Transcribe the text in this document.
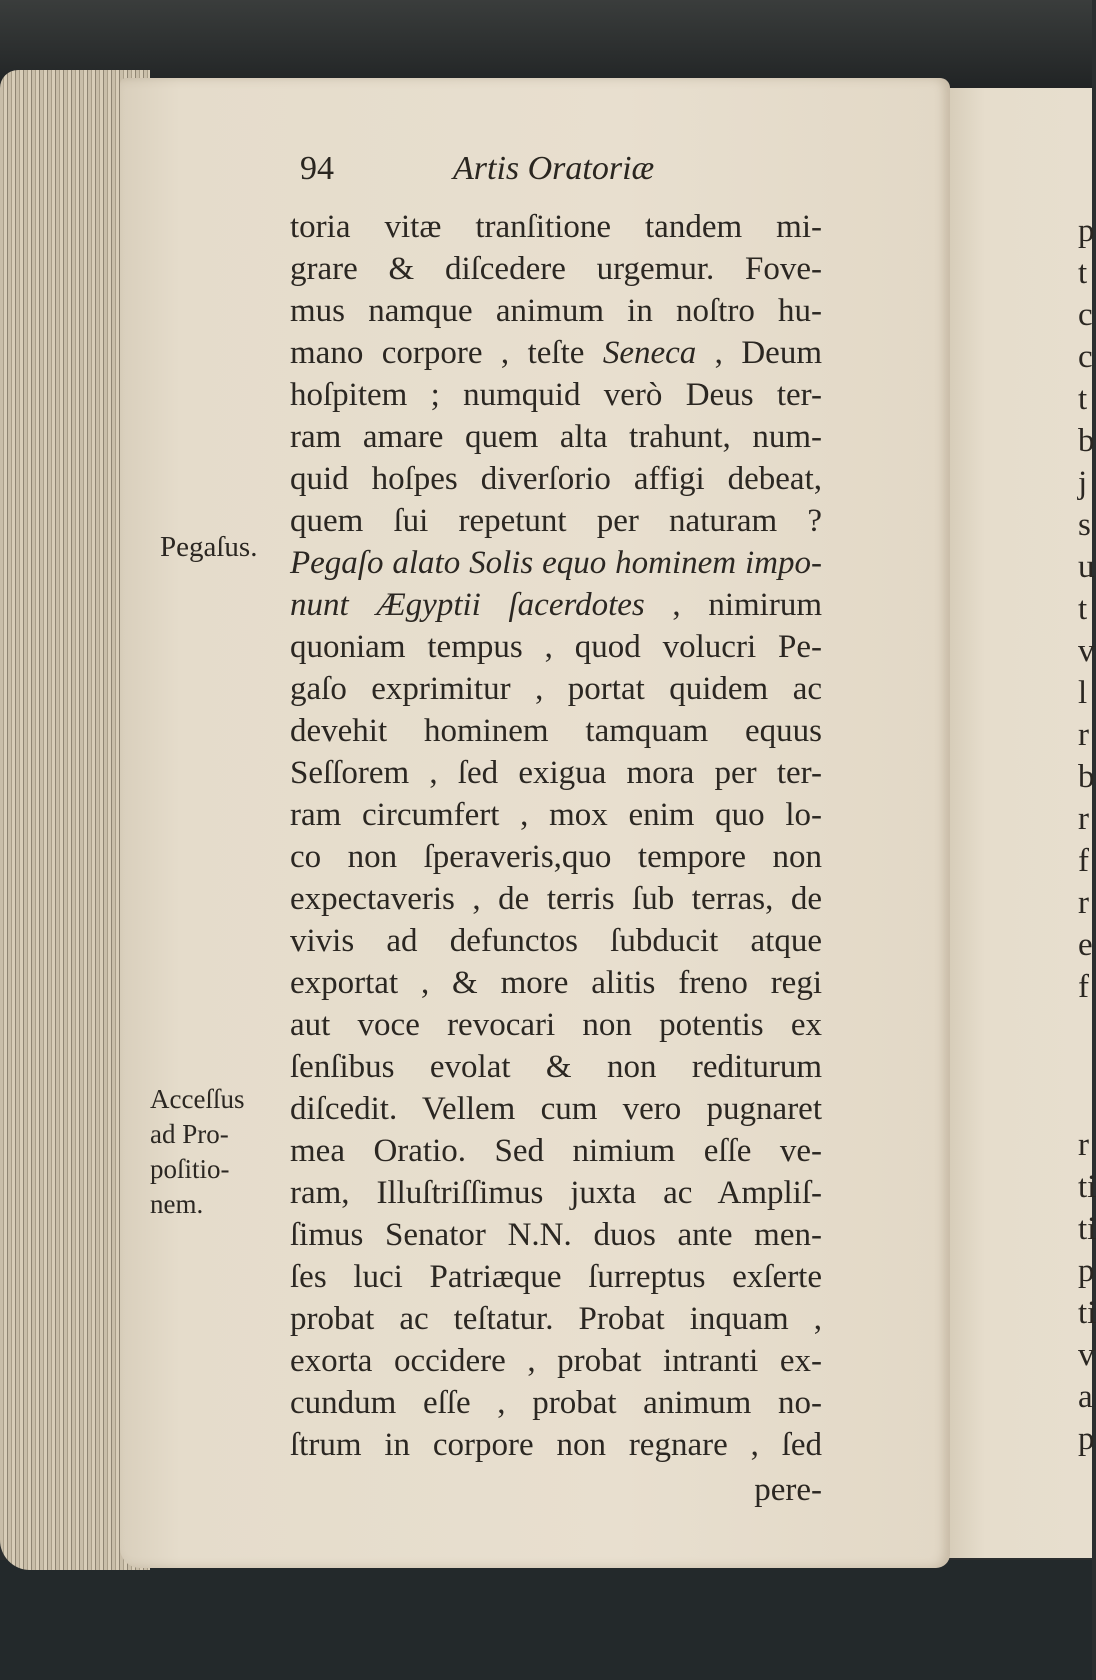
94	Artis Oratoriæ
toria vitæ tranſitione tandem mi-
grare & diſcedere urgemur. Fove-
mus namque animum in noſtro hu-
mano corpore , teſte Seneca , Deum
hoſpitem ; numquid verò Deus ter-
ram amare quem alta trahunt, num-
quid hoſpes diverſorio affigi debeat,
quem ſui repetunt per naturam ?
Pegaſo alato Solis equo hominem impo-
nunt Ægyptii ſacerdotes , nimirum
quoniam tempus , quod volucri Pe-
gaſo exprimitur , portat quidem ac
devehit hominem tamquam equus
Seſſorem , ſed exigua mora per ter-
ram circumfert , mox enim quo lo-
co non ſperaveris,quo tempore non
expectaveris , de terris ſub terras, de
vivis ad defunctos ſubducit atque
exportat , & more alitis freno regi
aut voce revocari non potentis ex
ſenſibus evolat & non rediturum
diſcedit. Vellem cum vero pugnaret
mea Oratio. Sed nimium eſſe ve-
ram, Illuſtriſſimus juxta ac Ampliſ-
ſimus Senator N.N. duos ante men-
ſes luci Patriæque ſurreptus exſerte
probat ac teſtatur. Probat inquam ,
exorta occidere , probat intranti ex-
cundum eſſe , probat animum no-
ſtrum in corpore non regnare , ſed
pere-
Pegaſus.
Acceſſus
ad Pro-
poſitio-
nem.
p
t
c
c
t
b
j
s
u
t
v
l
r
b
r
f
r
e
f
r
ti
ti
p
ti
v
a
p
